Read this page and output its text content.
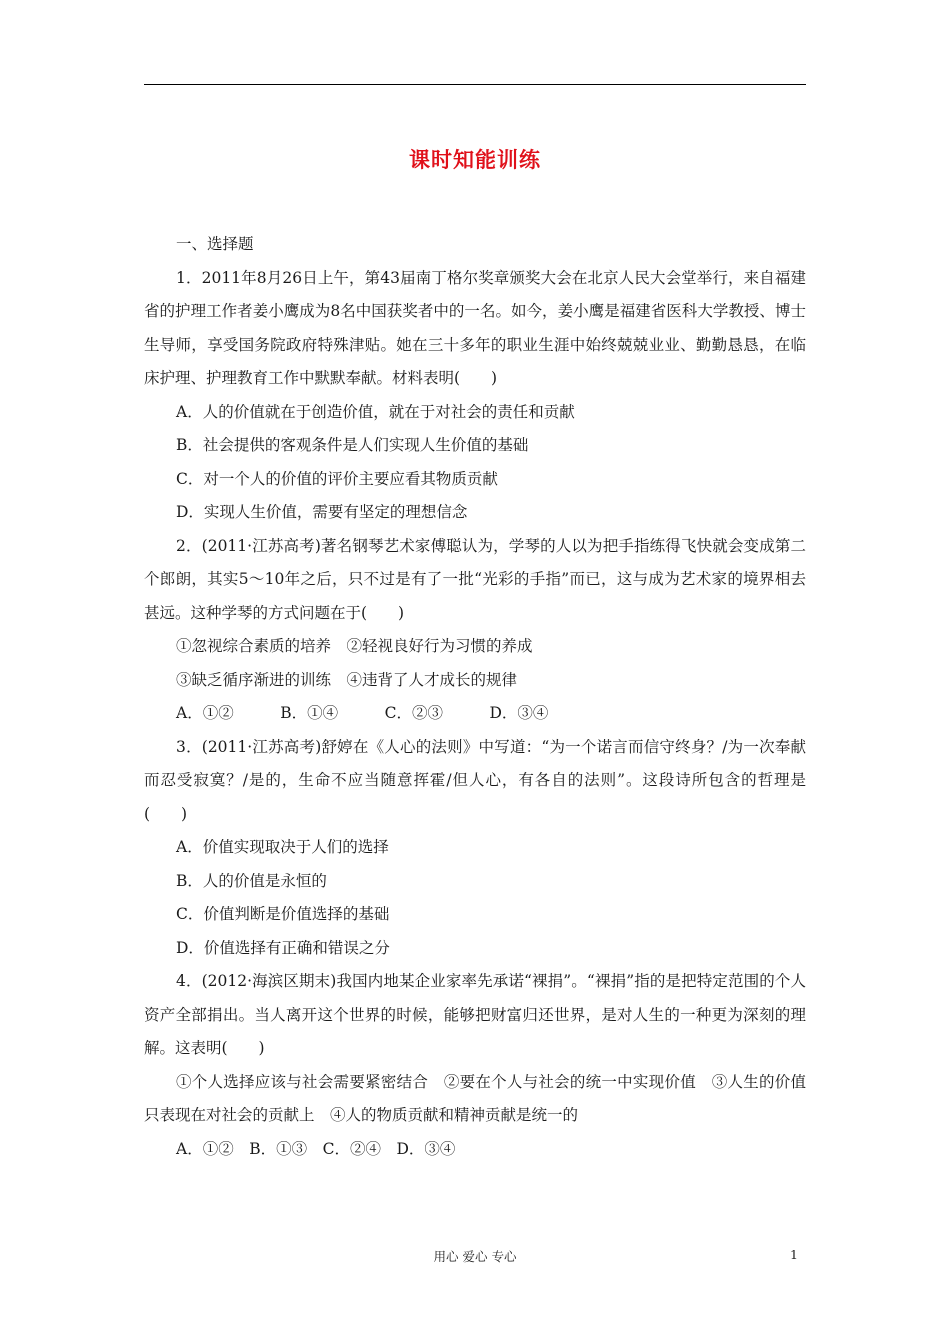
课时知能训练

一、选择题

1．2011年8月26日上午，第43届南丁格尔奖章颁奖大会在北京人民大会堂举行，来自福建省的护理工作者姜小鹰成为8名中国获奖者中的一名。如今，姜小鹰是福建省医科大学教授、博士生导师，享受国务院政府特殊津贴。她在三十多年的职业生涯中始终兢兢业业、勤勤恳恳，在临床护理、护理教育工作中默默奉献。材料表明(　　)

A．人的价值就在于创造价值，就在于对社会的责任和贡献

B．社会提供的客观条件是人们实现人生价值的基础

C．对一个人的价值的评价主要应看其物质贡献

D．实现人生价值，需要有坚定的理想信念

2．(2011·江苏高考)著名钢琴艺术家傅聪认为，学琴的人以为把手指练得飞快就会变成第二个郎朗，其实5～10年之后，只不过是有了一批“光彩的手指”而已，这与成为艺术家的境界相去甚远。这种学琴的方式问题在于(　　)

①忽视综合素质的培养　②轻视良好行为习惯的养成

③缺乏循序渐进的训练　④违背了人才成长的规律

A．①②　　　B．①④　　　C．②③　　　D．③④

3．(2011·江苏高考)舒婷在《人心的法则》中写道：“为一个诺言而信守终身？/为一次奉献而忍受寂寞？/是的，生命不应当随意挥霍/但人心，有各自的法则”。这段诗所包含的哲理是(　　)

A．价值实现取决于人们的选择

B．人的价值是永恒的

C．价值判断是价值选择的基础

D．价值选择有正确和错误之分

4．(2012·海滨区期末)我国内地某企业家率先承诺“裸捐”。“裸捐”指的是把特定范围的个人资产全部捐出。当人离开这个世界的时候，能够把财富归还世界，是对人生的一种更为深刻的理解。这表明(　　)

①个人选择应该与社会需要紧密结合　②要在个人与社会的统一中实现价值　③人生的价值只表现在对社会的贡献上　④人的物质贡献和精神贡献是统一的

A．①②　B．①③　C．②④　D．③④

用心 爱心 专心	1
